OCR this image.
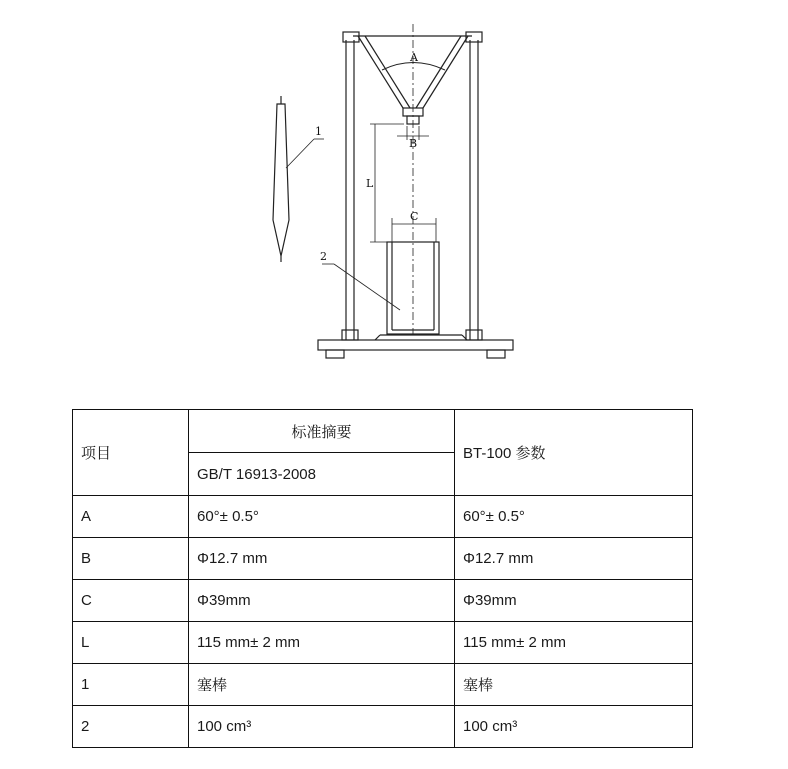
A
B
C
L
1
2
项目	标准摘要	BT-100 参数
	GB/T 16913-2008	
A	60°± 0.5°	60°± 0.5°
B	Φ12.7 mm	Φ12.7 mm
C	Φ39mm	Φ39mm
L	115 mm± 2 mm	115 mm± 2 mm
1	塞棒	塞棒
2	100 cm³	100 cm³
